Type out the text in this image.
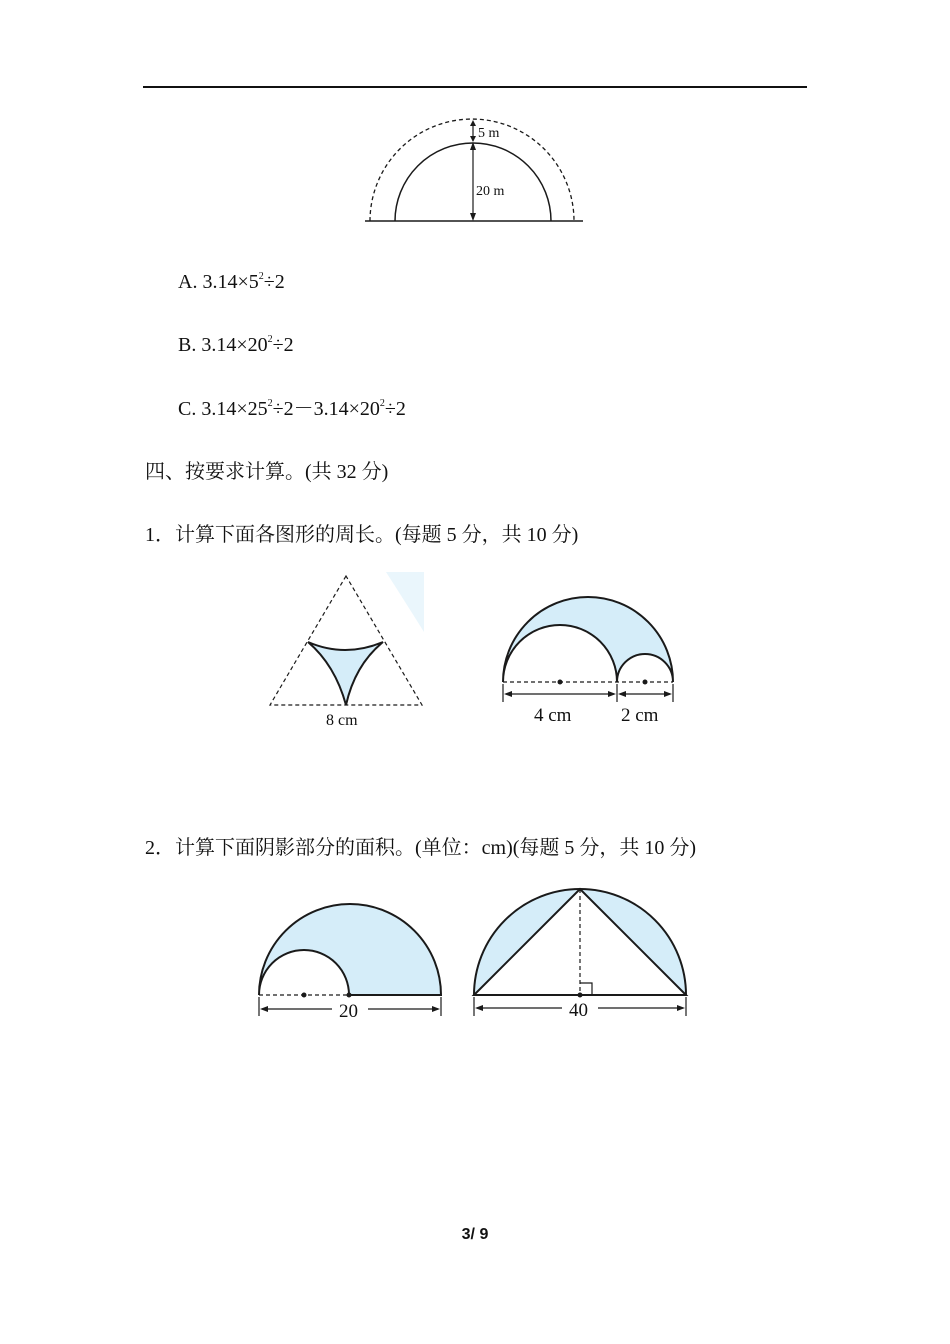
5 m
20 m
A. $3.14\times 5^2\div 2$
B. $3.14\times 20^2\div 2$
C. $3.14\times 25^2\div 2-3.14\times 20^2\div 2$
四、按要求计算。(共 32 分)
1．计算下面各图形的周长。(每题 5 分，共 10 分)
8 cm	4 cm	2 cm
2．计算下面阴影部分的面积。(单位：cm)(每题 5 分，共 10 分)
20	40
3/ 9
